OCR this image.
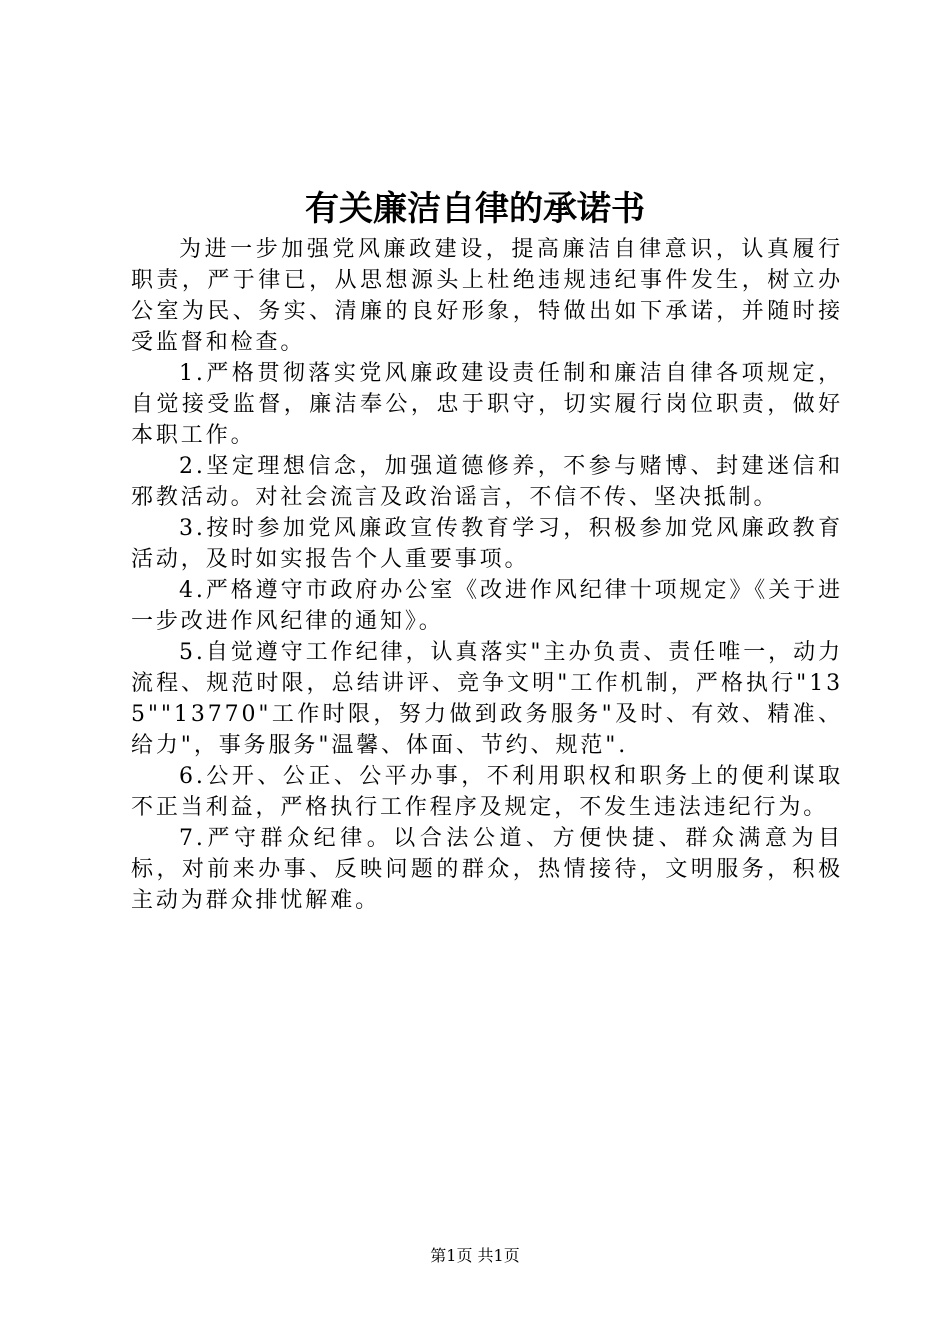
有关廉洁自律的承诺书

为进一步加强党风廉政建设，提高廉洁自律意识，认真履行职责，严于律已，从思想源头上杜绝违规违纪事件发生，树立办公室为民、务实、清廉的良好形象，特做出如下承诺，并随时接受监督和检查。

1.严格贯彻落实党风廉政建设责任制和廉洁自律各项规定，自觉接受监督，廉洁奉公，忠于职守，切实履行岗位职责，做好本职工作。

2.坚定理想信念，加强道德修养，不参与赌博、封建迷信和邪教活动。对社会流言及政治谣言，不信不传、坚决抵制。

3.按时参加党风廉政宣传教育学习，积极参加党风廉政教育活动，及时如实报告个人重要事项。

4.严格遵守市政府办公室《改进作风纪律十项规定》《关于进一步改进作风纪律的通知》。

5.自觉遵守工作纪律，认真落实"主办负责、责任唯一，动力流程、规范时限，总结讲评、竞争文明"工作机制，严格执行"135""13770"工作时限，努力做到政务服务"及时、有效、精准、给力"，事务服务"温馨、体面、节约、规范".

6.公开、公正、公平办事，不利用职权和职务上的便利谋取不正当利益，严格执行工作程序及规定，不发生违法违纪行为。

7.严守群众纪律。以合法公道、方便快捷、群众满意为目标，对前来办事、反映问题的群众，热情接待，文明服务，积极主动为群众排忧解难。

第1页 共1页
